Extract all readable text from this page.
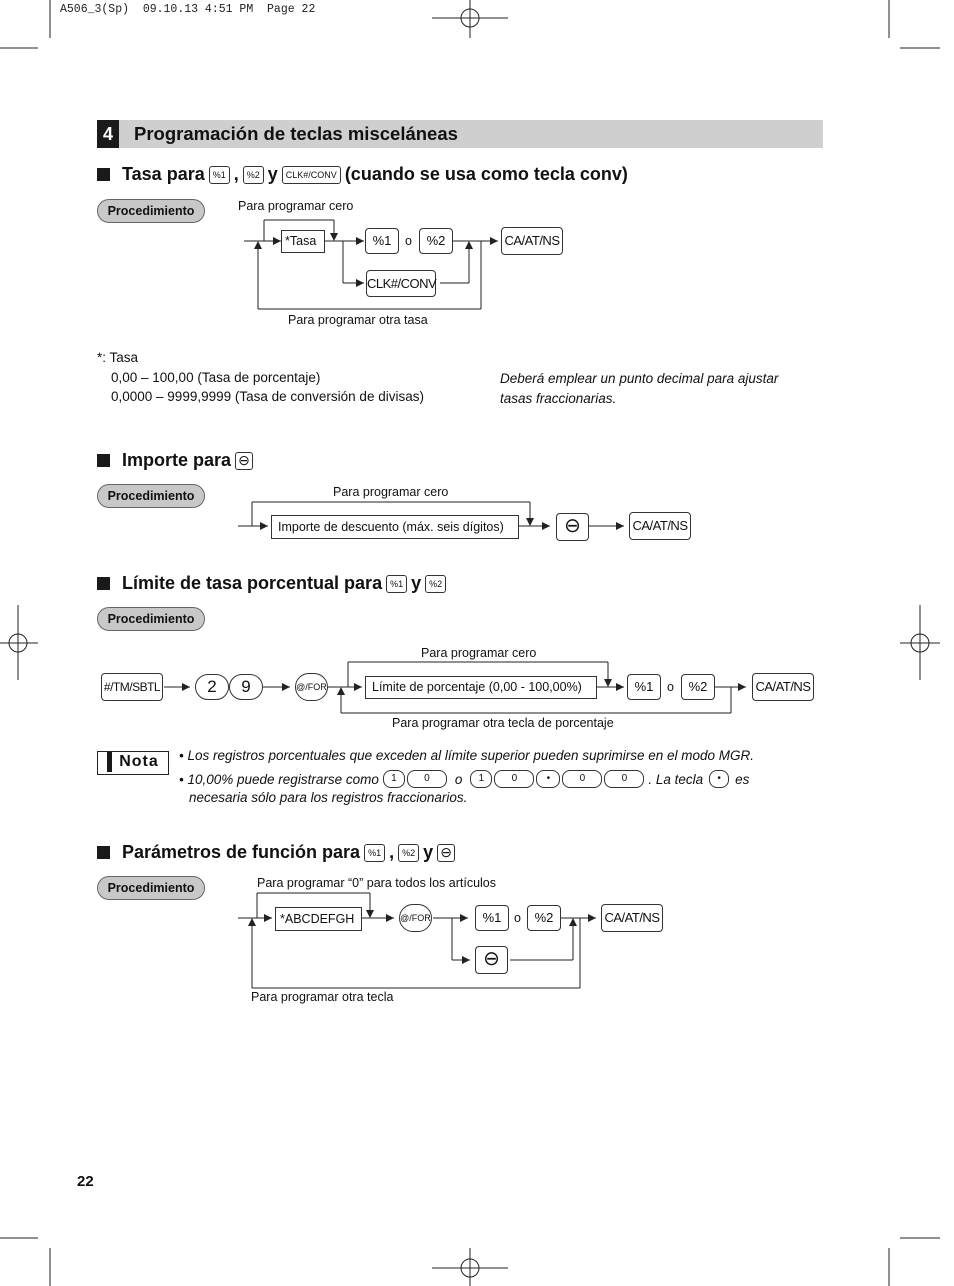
A506_3(Sp)  09.10.13 4:51 PM  Page 22
4	Programación de teclas misceláneas
Tasa para %1 , %2 y CLK#/CONV (cuando se usa como tecla conv)
Procedimiento	Para programar cero
*Tasa	%1	o	%2	CA/AT/NS
CLK#/CONV
Para programar otra tasa
*: Tasa
0,00 – 100,00 (Tasa de porcentaje)
0,0000 – 9999,9999 (Tasa de conversión de divisas)
Deberá emplear un punto decimal para ajustar
tasas fraccionarias.
Importe para ⊖
Procedimiento	Para programar cero
Importe de descuento (máx. seis dígitos)	⊖	CA/AT/NS
Límite de tasa porcentual para %1 y %2
Procedimiento
Para programar cero
#/TM/SBTL	2	9	@/FOR	Límite de porcentaje (0,00 - 100,00%)	%1	o	%2	CA/AT/NS
Para programar otra tecla de porcentaje
Nota	• Los registros porcentuales que exceden al límite superior pueden suprimirse en el modo MGR.
• 10,00% puede registrarse como	1	0	o	1	0	•	0	0	. La tecla	•	es
necesaria sólo para los registros fraccionarios.
Parámetros de función para %1 , %2 y ⊖
Procedimiento	Para programar “0” para todos los artículos
*ABCDEFGH	@/FOR	%1	o	%2	CA/AT/NS
⊖
Para programar otra tecla
22
